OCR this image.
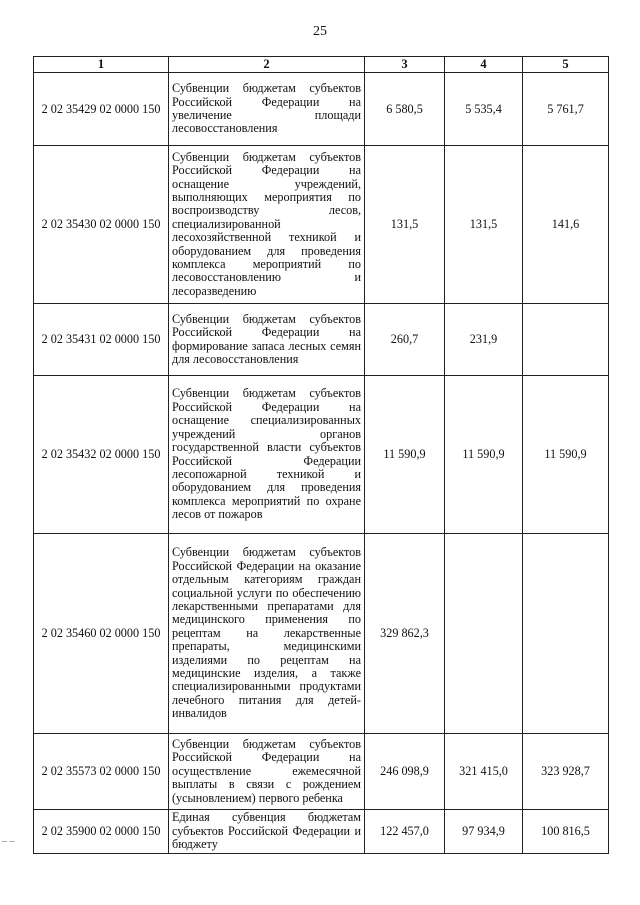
25
1	2	3	4	5
2 02 35429 02 0000 150	Субвенции бюджетам субъектов Российской Федерации на увеличение площади лесовосстановления	6 580,5	5 535,4	5 761,7
2 02 35430 02 0000 150	Субвенции бюджетам субъектов Российской Федерации на оснащение учреждений, выполняющих мероприятия по воспроизводству лесов, специализированной лесохозяйственной техникой и оборудованием для проведения комплекса мероприятий по лесовосстановлению и лесоразведению	131,5	131,5	141,6
2 02 35431 02 0000 150	Субвенции бюджетам субъектов Российской Федерации на формирование запаса лесных семян для лесовосстановления	260,7	231,9	
2 02 35432 02 0000 150	Субвенции бюджетам субъектов Российской Федерации на оснащение специализированных учреждений органов государственной власти субъектов Российской Федерации лесопожарной техникой и оборудованием для проведения комплекса мероприятий по охране лесов от пожаров	11 590,9	11 590,9	11 590,9
2 02 35460 02 0000 150	Субвенции бюджетам субъектов Российской Федерации на оказание отдельным категориям граждан социальной услуги по обеспечению лекарственными препаратами для медицинского применения по рецептам на лекарственные препараты, медицинскими изделиями по рецептам на медицинские изделия, а также специализированными продуктами лечебного питания для детей-инвалидов	329 862,3		
2 02 35573 02 0000 150	Субвенции бюджетам субъектов Российской Федерации на осуществление ежемесячной выплаты в связи с рождением (усыновлением) первого ребенка	246 098,9	321 415,0	323 928,7
2 02 35900 02 0000 150	Единая субвенция бюджетам субъектов Российской Федерации и бюджету	122 457,0	97 934,9	100 816,5
– –
